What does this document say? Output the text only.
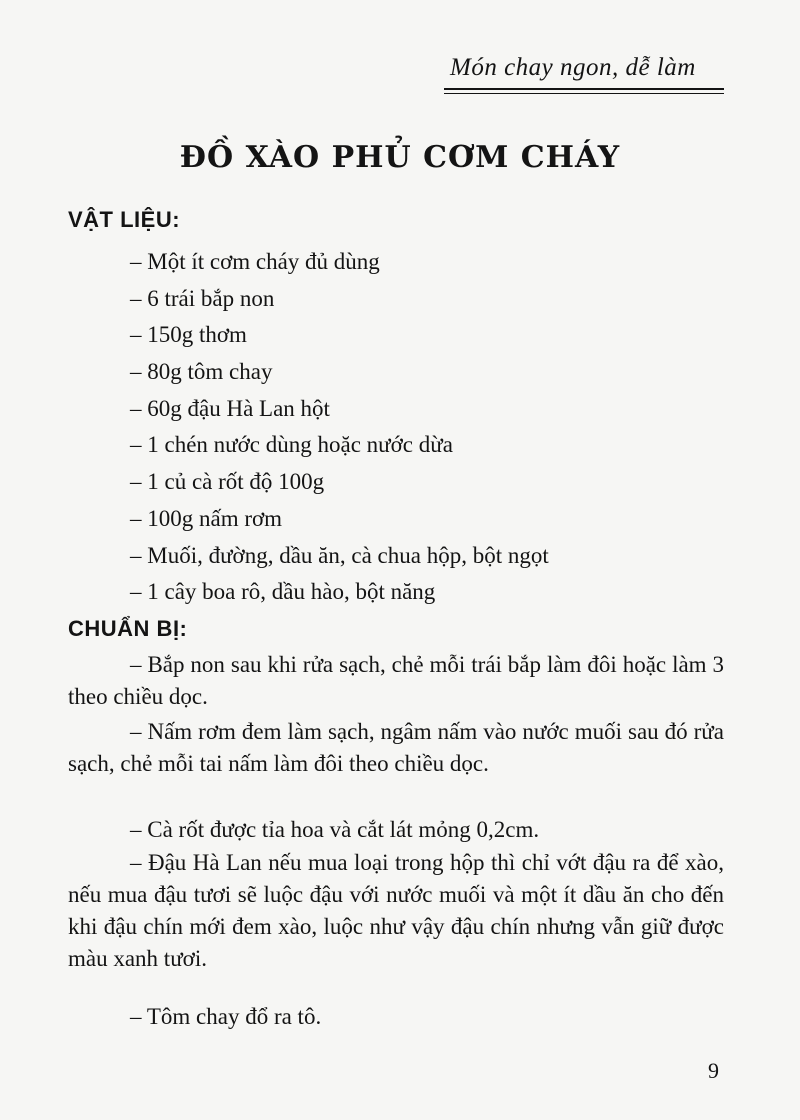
Món chay ngon, dễ làm
ĐỒ XÀO PHỦ CƠM CHÁY
VẬT LIỆU:
– Một ít cơm cháy đủ dùng
– 6 trái bắp non
– 150g thơm
– 80g tôm chay
– 60g đậu Hà Lan hột
– 1 chén nước dùng hoặc nước dừa
– 1 củ cà rốt độ 100g
– 100g nấm rơm
– Muối, đường, dầu ăn, cà chua hộp, bột ngọt
– 1 cây boa rô, dầu hào, bột năng
CHUẨN BỊ:

– Bắp non sau khi rửa sạch, chẻ mỗi trái bắp làm đôi hoặc làm 3 theo chiều dọc.

– Nấm rơm đem làm sạch, ngâm nấm vào nước muối sau đó rửa sạch, chẻ mỗi tai nấm làm đôi theo chiều dọc.

– Cà rốt được tỉa hoa và cắt lát mỏng 0,2cm.

– Đậu Hà Lan nếu mua loại trong hộp thì chỉ vớt đậu ra để xào, nếu mua đậu tươi sẽ luộc đậu với nước muối và một ít dầu ăn cho đến khi đậu chín mới đem xào, luộc như vậy đậu chín nhưng vẫn giữ được màu xanh tươi.

– Tôm chay đổ ra tô.

9
